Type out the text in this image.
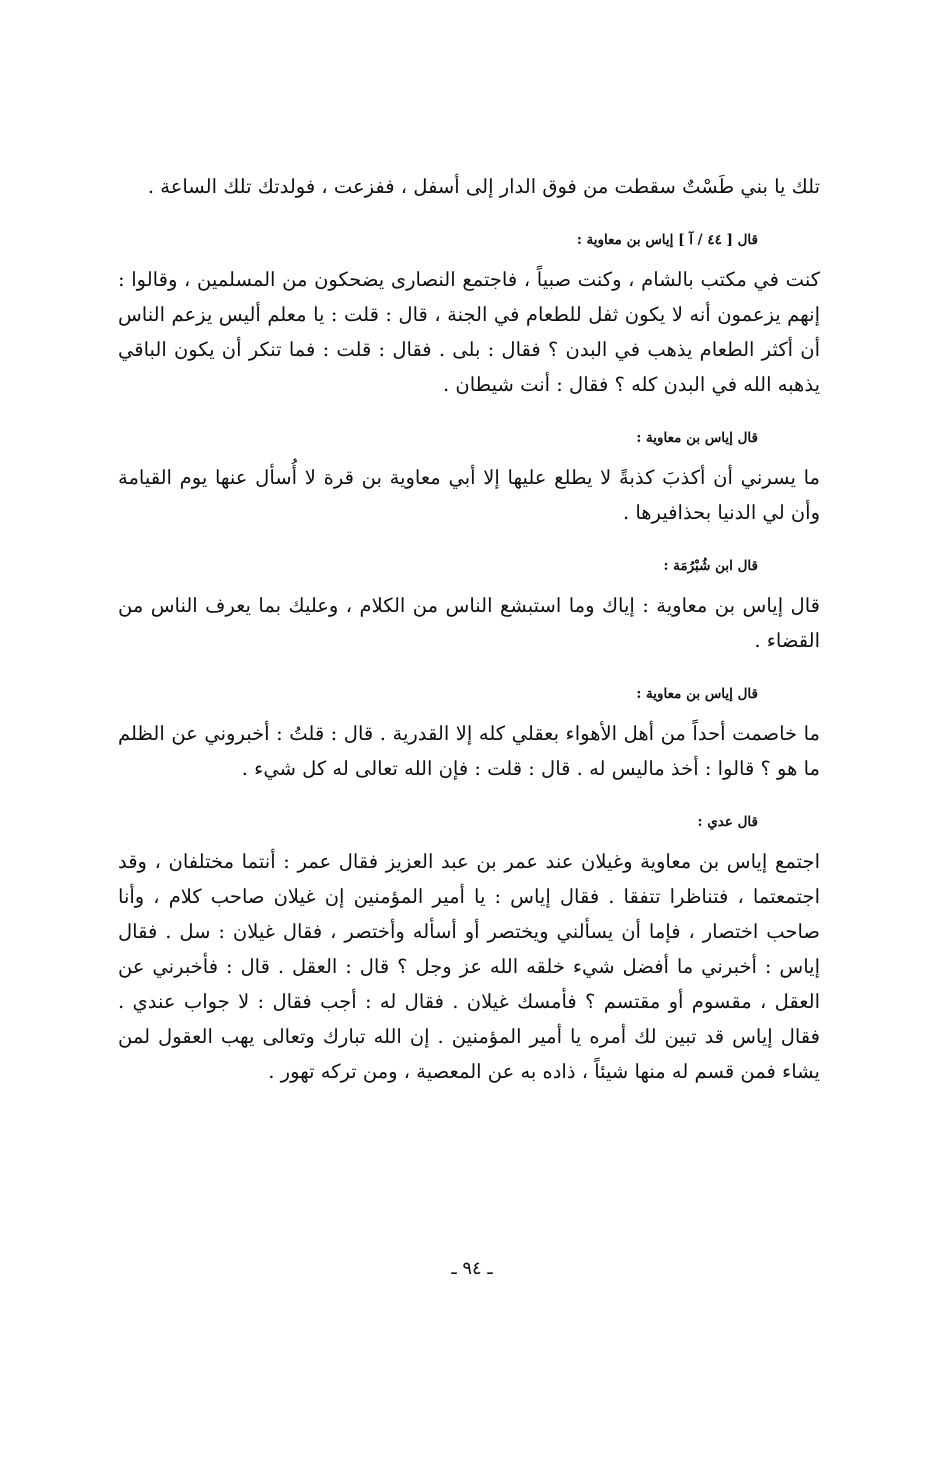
تلك يا بني طَسْتٌ سقطت من فوق الدار إلى أسفل ، ففزعت ، فولدتك تلك الساعة .

قال [ ٤٤ / آ ] إياس بن معاوية :

كنت في مكتب بالشام ، وكنت صبياً ، فاجتمع النصارى يضحكون من المسلمين ، وقالوا : إنهم يزعمون أنه لا يكون ثفل للطعام في الجنة ، قال : قلت : يا معلم أليس يزعم الناس أن أكثر الطعام يذهب في البدن ؟ فقال : بلى . فقال : قلت : فما تنكر أن يكون الباقي يذهبه الله في البدن كله ؟ فقال : أنت شيطان .

قال إياس بن معاوية :

ما يسرني أن أكذبَ كذبةً لا يطلع عليها إلا أبي معاوية بن قرة لا أُسأل عنها يوم القيامة وأن لي الدنيا بحذافيرها .

قال ابن شُبْرُمَة :

قال إياس بن معاوية : إياك وما استبشع الناس من الكلام ، وعليك بما يعرف الناس من القضاء .

قال إياس بن معاوية :

ما خاصمت أحداً من أهل الأهواء بعقلي كله إلا القدرية . قال : قلتُ : أخبروني عن الظلم ما هو ؟ قالوا : أخذ ماليس له . قال : قلت : فإن الله تعالى له كل شيء .

قال عدي :

اجتمع إياس بن معاوية وغيلان عند عمر بن عبد العزيز فقال عمر : أنتما مختلفان ، وقد اجتمعتما ، فتناظرا تتفقا . فقال إياس : يا أمير المؤمنين إن غيلان صاحب كلام ، وأنا صاحب اختصار ، فإما أن يسألني ويختصر أو أسأله وأختصر ، فقال غيلان : سل . فقال إياس : أخبرني ما أفضل شيء خلقه الله عز وجل ؟ قال : العقل . قال : فأخبرني عن العقل ، مقسوم أو مقتسم ؟ فأمسك غيلان . فقال له : أجب فقال : لا جواب عندي . فقال إياس قد تبين لك أمره يا أمير المؤمنين . إن الله تبارك وتعالى يهب العقول لمن يشاء فمن قسم له منها شيئاً ، ذاده به عن المعصية ، ومن تركه تهور .

ـ ٩٤ ـ
